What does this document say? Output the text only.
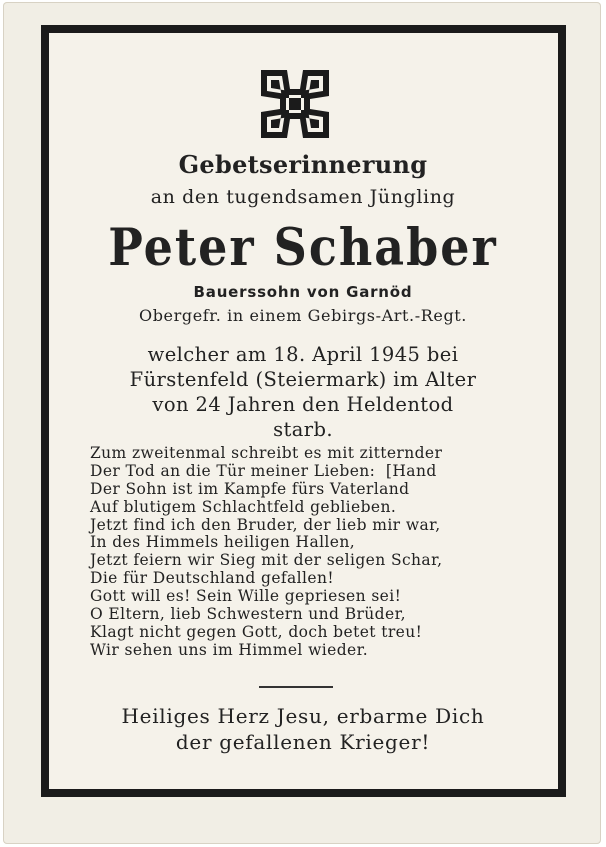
Gebetserinnerung
an den tugendsamen Jüngling
Peter Schaber
Bauerssohn von Garnöd
Obergefr. in einem Gebirgs-Art.-Regt.
welcher am 18. April 1945 bei
Fürstenfeld (Steiermark) im Alter
von 24 Jahren den Heldentod
starb.
Zum zweitenmal schreibt es mit zitternder
Der Tod an die Tür meiner Lieben:  [Hand
Der Sohn ist im Kampfe fürs Vaterland
Auf blutigem Schlachtfeld geblieben.
Jetzt find ich den Bruder, der lieb mir war,
In des Himmels heiligen Hallen,
Jetzt feiern wir Sieg mit der seligen Schar,
Die für Deutschland gefallen!
Gott will es! Sein Wille gepriesen sei!
O Eltern, lieb Schwestern und Brüder,
Klagt nicht gegen Gott, doch betet treu!
Wir sehen uns im Himmel wieder.
Heiliges Herz Jesu, erbarme Dich
der gefallenen Krieger!
